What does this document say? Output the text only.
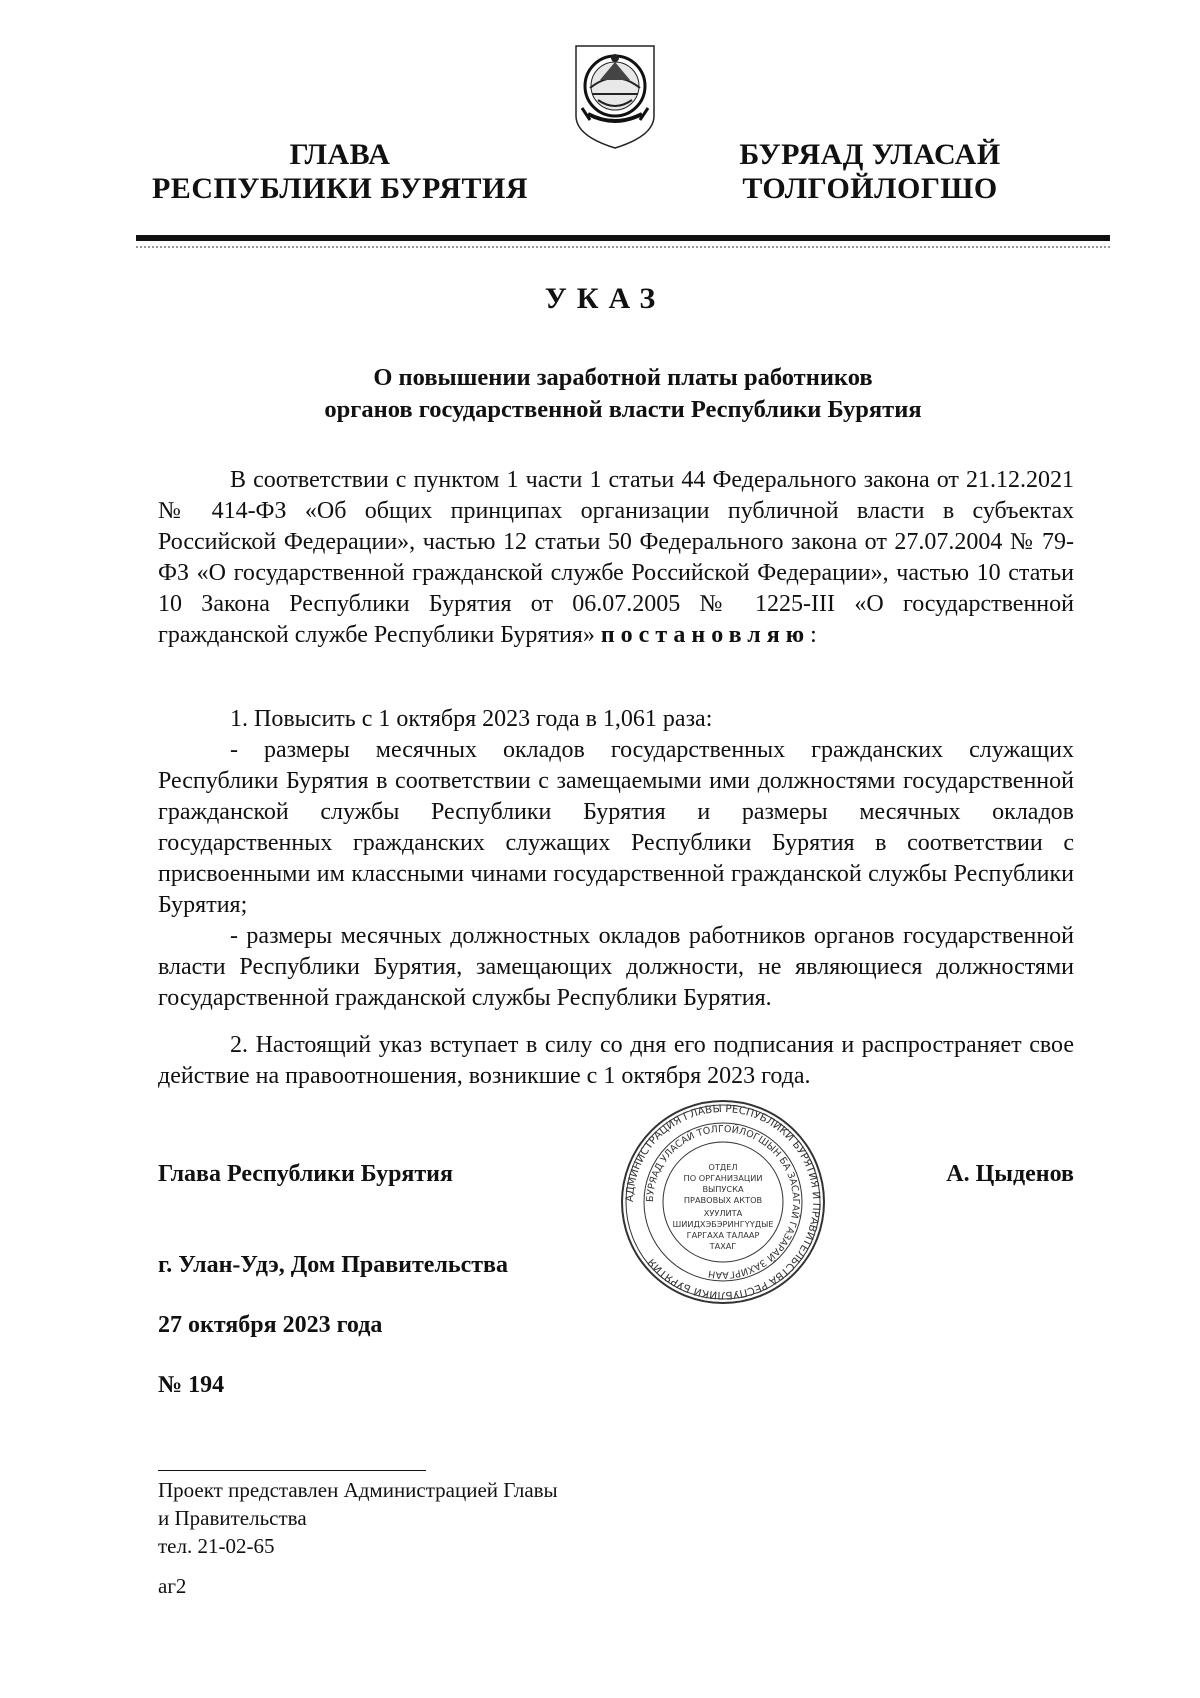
ГЛАВА
РЕСПУБЛИКИ БУРЯТИЯ
БУРЯАД УЛАСАЙ
ТОЛГОЙЛОГШО
УКАЗ
О повышении заработной платы работников
органов государственной власти Республики Бурятия

В соответствии с пунктом 1 части 1 статьи 44 Федерального закона от 21.12.2021 № 414-ФЗ «Об общих принципах организации публичной власти в субъектах Российской Федерации», частью 12 статьи 50 Федерального закона от 27.07.2004 № 79-ФЗ «О государственной гражданской службе Российской Федерации», частью 10 статьи 10 Закона Республики Бурятия от 06.07.2005 № 1225-III «О государственной гражданской службе Республики Бурятия» постановляю:

1. Повысить с 1 октября 2023 года в 1,061 раза:

- размеры месячных окладов государственных гражданских служащих Республики Бурятия в соответствии с замещаемыми ими должностями государственной гражданской службы Республики Бурятия и размеры месячных окладов государственных гражданских служащих Республики Бурятия в соответствии с присвоенными им классными чинами государственной гражданской службы Республики Бурятия;

- размеры месячных должностных окладов работников органов государственной власти Республики Бурятия, замещающих должности, не являющиеся должностями государственной гражданской службы Республики Бурятия.

2. Настоящий указ вступает в силу со дня его подписания и распространяет свое действие на правоотношения, возникшие с 1 октября 2023 года.

Глава Республики Бурятия	А. Цыденов
АДМИНИСТРАЦИЯ ГЛАВЫ РЕСПУБЛИКИ БУРЯТИЯ И ПРАВИТЕЛЬСТВА РЕСПУБЛИКИ БУРЯТИЯ
БУРЯАД УЛАСАЙ ТОЛГОЙЛОГШЫН БА ЗАСАГАЙ ГАЗАРАЙ ЗАХИРГААН
ОТДЕЛ
ПО ОРГАНИЗАЦИИ
ВЫПУСКА
ПРАВОВЫХ АКТОВ
ХУУЛИТА
ШИИДХЭБЭРИНГҮҮДЫЕ
ГАРГАХА ТАЛААР
ТАХАГ
г. Улан-Удэ, Дом Правительства
27 октября 2023 года
№ 194
Проект представлен Администрацией Главы
и Правительства
тел. 21-02-65
аг2
